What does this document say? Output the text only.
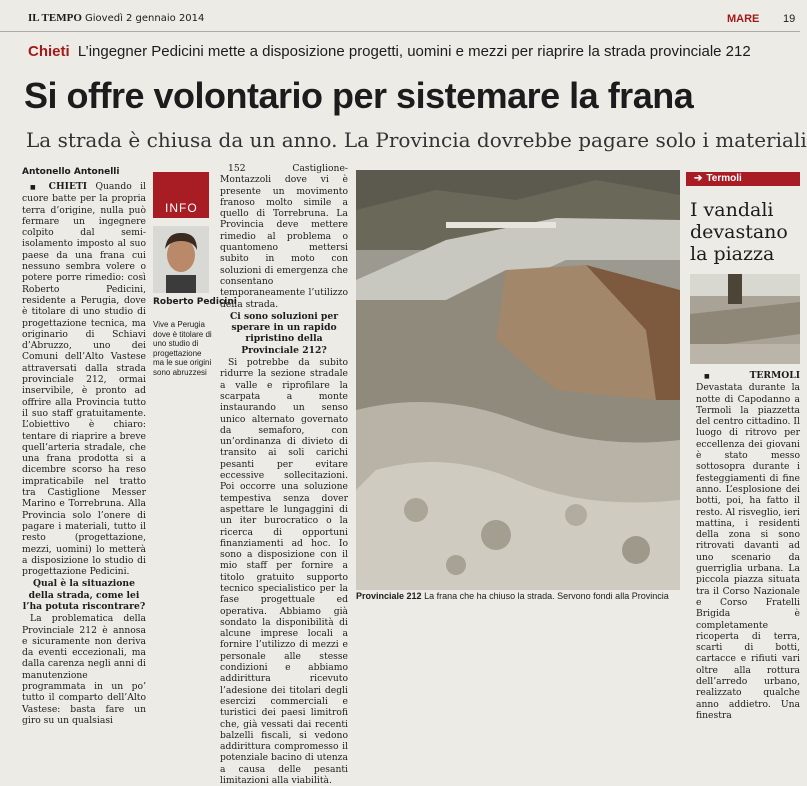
IL TEMPO Giovedì 2 gennaio 2014	MARE 19
Chieti L’ingegner Pedicini mette a disposizione progetti, uomini e mezzi per riaprire la strada provinciale 212
Si offre volontario per sistemare la frana
La strada è chiusa da un anno. La Provincia dovrebbe pagare solo i materiali
Antonello Antonelli

■ CHIETI Quando il cuore batte per la propria terra d’origine, nulla può fermare un ingegnere colpito dal semi-isolamento imposto al suo paese da una frana cui nessuno sembra volere o potere porre rimedio: così Roberto Pedicini, residente a Perugia, dove è titolare di uno studio di progettazione tecnica, ma originario di Schiavi d’Abruzzo, uno dei Comuni dell’Alto Vastese attraversati dalla strada provinciale 212, ormai inservibile, è pronto ad offrire alla Provincia tutto il suo staff gratuitamente. L’obiettivo è chiaro: tentare di riaprire a breve quell’arteria stradale, che una frana prodotta si a dicembre scorso ha reso impraticabile nel tratto tra Castiglione Messer Marino e Torrebruna. Alla Provincia solo l’onere di pagare i materiali, tutto il resto (progettazione, mezzi, uomini) lo metterà a disposizione lo studio di progettazione Pedicini.

Qual è la situazione della strada, come lei l’ha potuta riscontrare?

La problematica della Provinciale 212 è annosa e sicuramente non deriva da eventi eccezionali, ma dalla carenza negli anni di manutenzione programmata in un po’ tutto il comparto dell’Alto Vastese: basta fare un giro su un qualsiasi

INFO
Roberto Pedicini
Vive a Perugia dove è titolare di uno studio di progettazione ma le sue origini sono abruzzesi

152 Castiglione-Montazzoli dove vi è presente un movimento franoso molto simile a quello di Torrebruna. La Provincia deve mettere rimedio al problema o quantomeno mettersi subito in moto con soluzioni di emergenza che consentano temporaneamente l’utilizzo della strada.

Ci sono soluzioni per sperare in un rapido ripristino della Provinciale 212?

Si potrebbe da subito ridurre la sezione stradale a valle e riprofilare la scarpata a monte instaurando un senso unico alternato governato da semaforo, con un’ordinanza di divieto di transito ai soli carichi pesanti per evitare eccessive sollecitazioni. Poi occorre una soluzione tempestiva senza dover aspettare le lungaggini di un iter burocratico o la ricerca di opportuni finanziamenti ad hoc. Io sono a disposizione con il mio staff per fornire a titolo gratuito supporto tecnico specialistico per la fase progettuale ed operativa. Abbiamo già sondato la disponibilità di alcune imprese locali a fornire l’utilizzo di mezzi e personale alle stesse condizioni e abbiamo addirittura ricevuto l’adesione dei titolari degli esercizi commerciali e turistici dei paesi limitrofi che, già vessati dai recenti balzelli fiscali, si vedono addirittura compromesso il potenziale bacino di utenza a causa delle pesanti limitazioni alla viabilità.

Provinciale 212 La frana che ha chiuso la strada. Servono fondi alla Provincia
➔ Termoli
I vandali devastano la piazza

■ TERMOLI Devastata durante la notte di Capodanno a Termoli la piazzetta del centro cittadino. Il luogo di ritrovo per eccellenza dei giovani è stato messo sottosopra durante i festeggiamenti di fine anno. L’esplosione dei botti, poi, ha fatto il resto. Al risveglio, ieri mattina, i residenti della zona si sono ritrovati davanti ad uno scenario da guerriglia urbana. La piccola piazza situata tra il Corso Nazionale e Corso Fratelli Brigida è completamente ricoperta di terra, scarti di botti, cartacce e rifiuti vari oltre alla rottura dell’arredo urbano, realizzato qualche anno addietro. Una finestra
